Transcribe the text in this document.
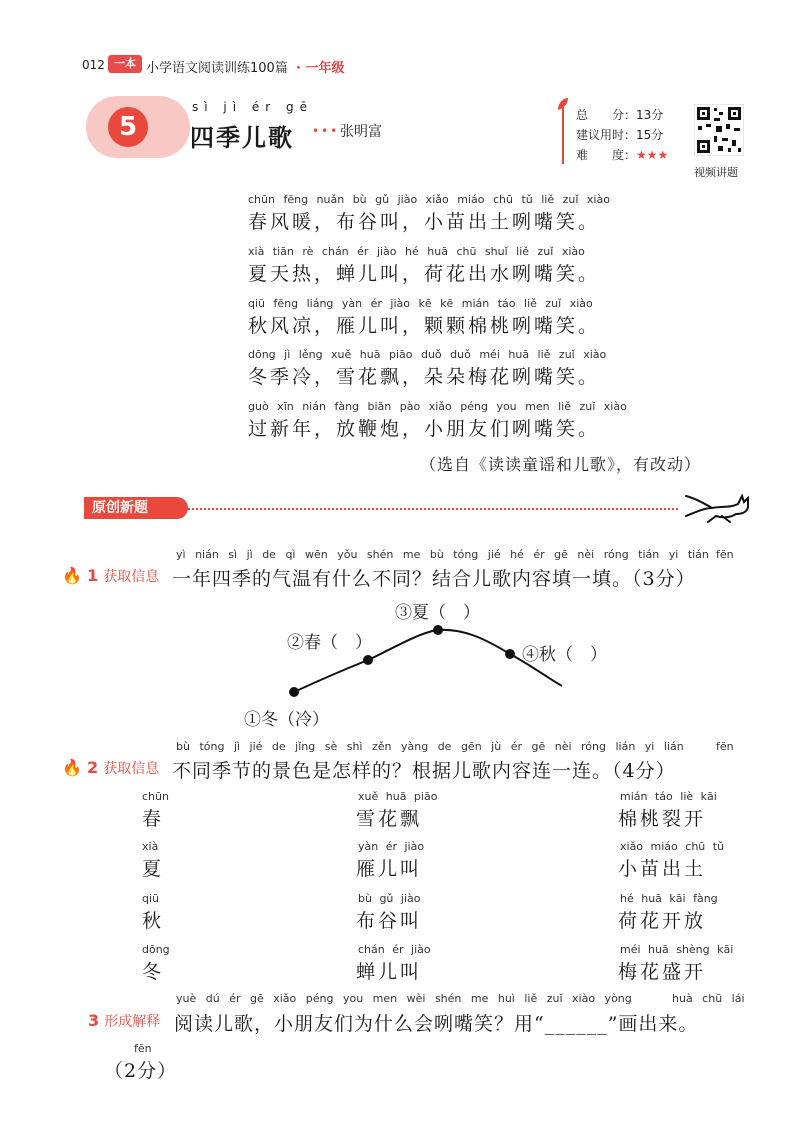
012 一本 小学语文阅读训练100篇 · 一年级
5
sì jì ér gē
四季儿歌 ••• 张明富
总　　分：13分
建议用时：15分
难　　度：★★★
视频讲题
chūn fēng nuǎn bù gǔ jiào xiǎo miáo chū tǔ liě zuǐ xiào
春风暖，布谷叫，小苗出土咧嘴笑。
xià tiān rè chán ér jiào hé huā chū shuǐ liě zuǐ xiào
夏天热，蝉儿叫，荷花出水咧嘴笑。
qiū fēng liáng yàn ér jiào kē kē mián táo liě zuǐ xiào
秋风凉，雁儿叫，颗颗棉桃咧嘴笑。
dōng jì lěng xuě huā piāo duǒ duǒ méi huā liě zuǐ xiào
冬季冷，雪花飘，朵朵梅花咧嘴笑。
guò xīn nián fàng biān pào xiǎo péng you men liě zuǐ xiào
过新年，放鞭炮，小朋友们咧嘴笑。
（选自《读读童谣和儿歌》，有改动）
原创新题
yì nián sì jì de qì wēn yǒu shén me bù tóng jié hé ér gē nèi róng tián yi tián fēn
🔥 1 获取信息 一年四季的气温有什么不同？结合儿歌内容填一填。（3分）
③夏（　）
②春（　）
④秋（　）
①冬（冷）
bù tóng jì jié de jǐng sè shì zěn yàng de gēn jù ér gē nèi róng lián yi lián	fēn
🔥 2 获取信息 不同季节的景色是怎样的？根据儿歌内容连一连。（4分）
chūn
春
xuě huā piāo
雪花飘
mián táo liè kāi
棉桃裂开
xià
夏
yàn ér jiào
雁儿叫
xiǎo miáo chū tǔ
小苗出土
qiū
秋
bù gǔ jiào
布谷叫
hé huā kāi fàng
荷花开放
dōng
冬
chán ér jiào
蝉儿叫
méi huā shèng kāi
梅花盛开
yuè dú ér gē xiǎo péng you men wèi shén me huì liě zuǐ xiào yòng	huà chū lái
3 形成解释 阅读儿歌，小朋友们为什么会咧嘴笑？用“______”画出来。
fēn
（2分）
